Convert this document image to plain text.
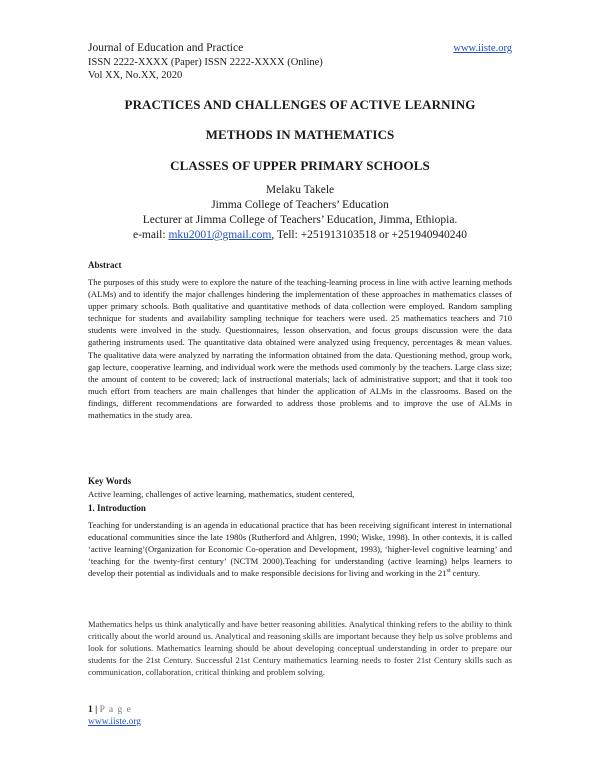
Journal of Education and Practice
ISSN 2222-XXXX (Paper) ISSN 2222-XXXX (Online)
Vol XX, No.XX, 2020
www.iiste.org
PRACTICES AND CHALLENGES OF ACTIVE LEARNING
METHODS IN MATHEMATICS
CLASSES OF UPPER PRIMARY SCHOOLS
Melaku Takele
Jimma College of Teachers’ Education
Lecturer at Jimma College of Teachers’ Education, Jimma, Ethiopia.
e-mail: mku2001@gmail.com, Tell: +251913103518 or +251940940240
Abstract
The purposes of this study were to explore the nature of the teaching-learning process in line with active learning methods (ALMs) and to identify the major challenges hindering the implementation of these approaches in mathematics classes of upper primary schools. Both qualitative and quantitative methods of data collection were employed. Random sampling technique for students and availability sampling technique for teachers were used. 25 mathematics teachers and 710 students were involved in the study. Questionnaires, lesson observation, and focus groups discussion were the data gathering instruments used. The quantitative data obtained were analyzed using frequency, percentages & mean values. The qualitative data were analyzed by narrating the information obtained from the data. Questioning method, group work, gap lecture, cooperative learning, and individual work were the methods used commonly by the teachers. Large class size; the amount of content to be covered; lack of instructional materials; lack of administrative support; and that it took too much effort from teachers are main challenges that hinder the application of ALMs in the classrooms. Based on the findings, different recommendations are forwarded to address those problems and to improve the use of ALMs in mathematics in the study area.
Key Words
Active learning, challenges of active learning, mathematics, student centered,
1. Introduction
Teaching for understanding is an agenda in educational practice that has been receiving significant interest in international educational communities since the late 1980s (Rutherford and Ahlgren, 1990; Wiske, 1998). In other contexts, it is called ‘active learning’(Organization for Economic Co-operation and Development, 1993), ‘higher-level cognitive learning’ and ‘teaching for the twenty-first century’ (NCTM 2000).Teaching for understanding (active learning) helps learners to develop their potential as individuals and to make responsible decisions for living and working in the 21st century.
Mathematics helps us think analytically and have better reasoning abilities. Analytical thinking refers to the ability to think critically about the world around us. Analytical and reasoning skills are important because they help us solve problems and look for solutions. Mathematics learning should be about developing conceptual understanding in order to prepare our students for the 21st Century. Successful 21st Century mathematics learning needs to foster 21st Century skills such as communication, collaboration, critical thinking and problem solving.
1 | P a g e
www.iiste.org
